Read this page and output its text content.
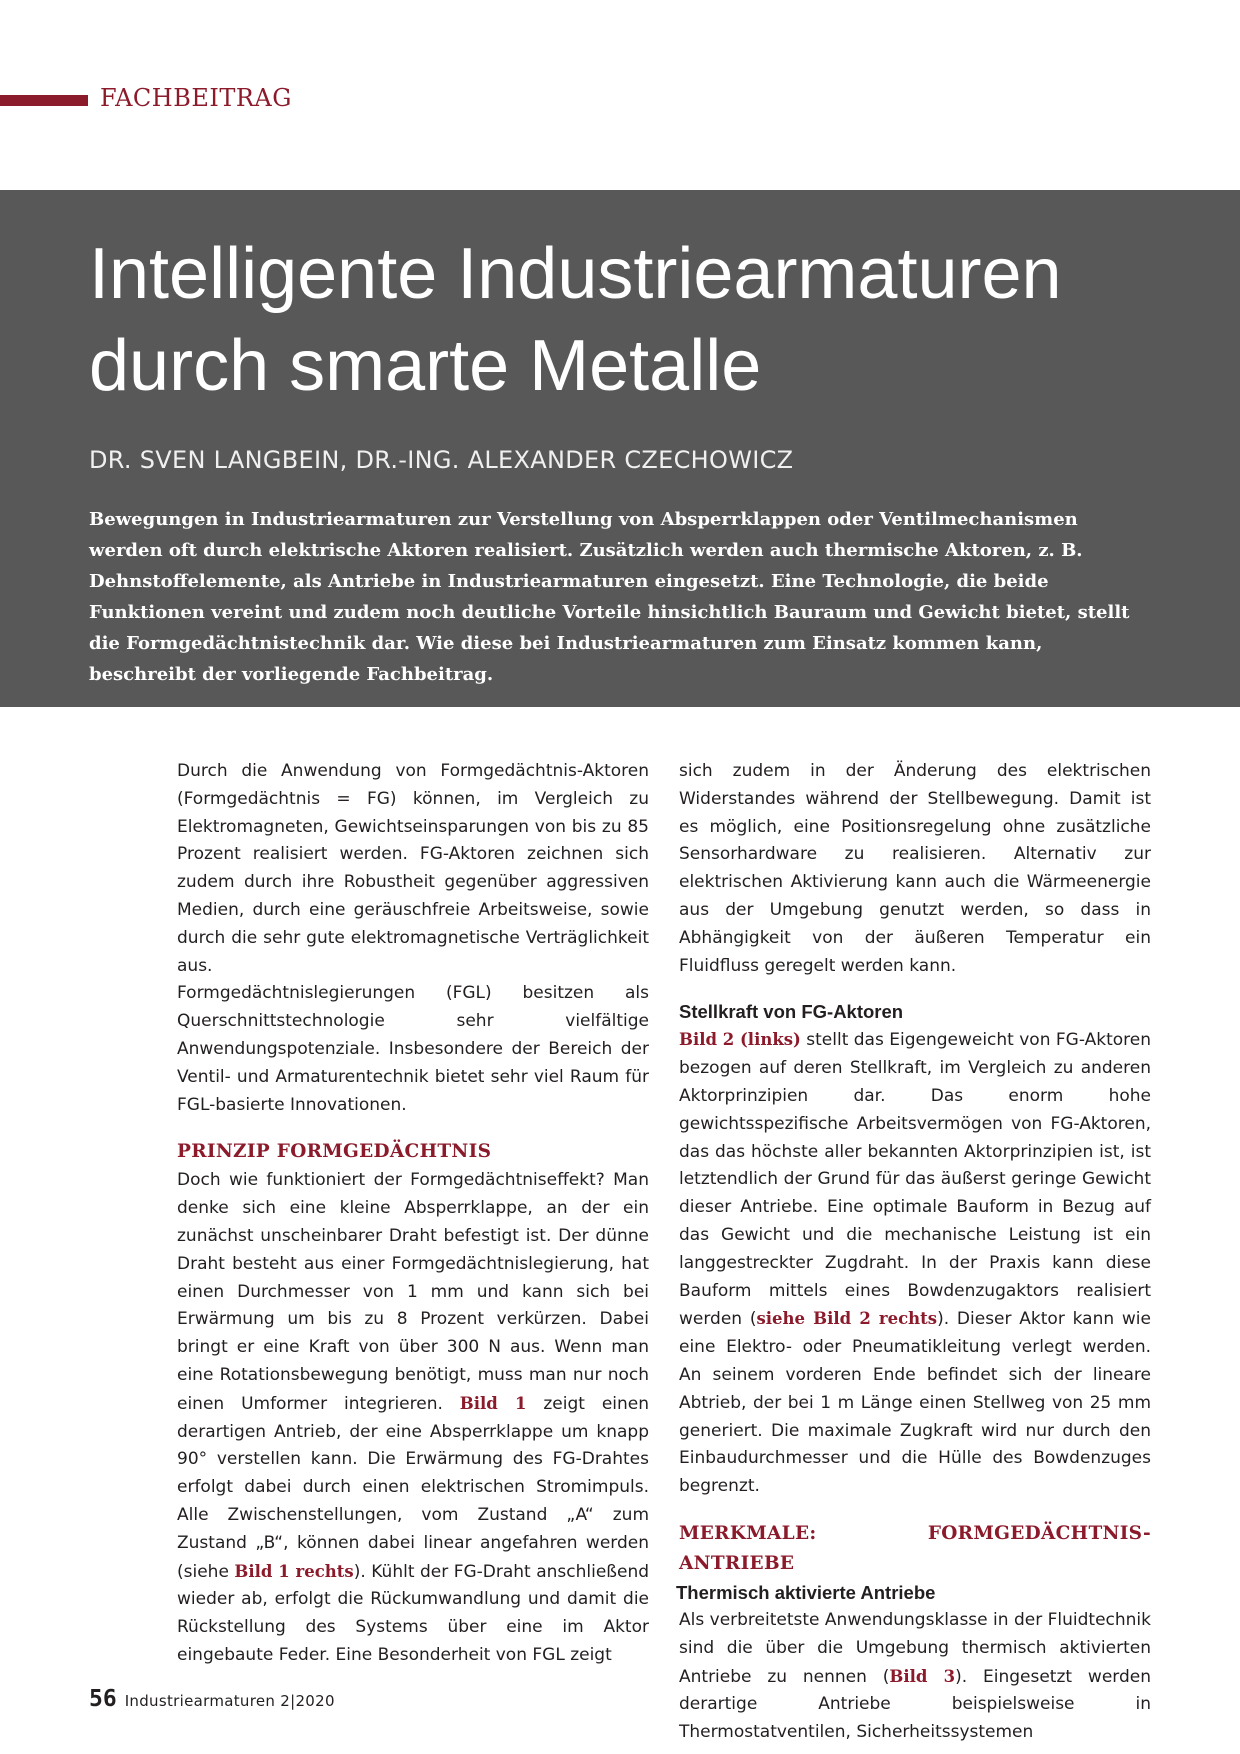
FACHBEITRAG
Intelligente Industriearmaturen
durch smarte Metalle
DR. SVEN LANGBEIN, DR.-ING. ALEXANDER CZECHOWICZ

Bewegungen in Industriearmaturen zur Verstellung von Absperrklappen oder Ventilmechanismen werden oft durch elektrische Aktoren realisiert. Zusätzlich werden auch thermische Aktoren, z. B. Dehnstoffelemente, als Antriebe in Industriearmaturen eingesetzt. Eine Technologie, die beide Funktionen vereint und zudem noch deutliche Vorteile hinsichtlich Bauraum und Gewicht bietet, stellt die Formgedächtnistechnik dar. Wie diese bei Industriearmaturen zum Einsatz kommen kann, beschreibt der vorliegende Fachbeitrag.

Durch die Anwendung von Formgedächtnis-Aktoren (Formgedächtnis = FG) können, im Vergleich zu Elektromagneten, Gewichtseinsparungen von bis zu 85 Prozent realisiert werden. FG-Aktoren zeichnen sich zudem durch ihre Robustheit gegenüber aggressiven Medien, durch eine geräuschfreie Arbeitsweise, sowie durch die sehr gute elektromagnetische Verträglichkeit aus.

Formgedächtnislegierungen (FGL) besitzen als Querschnittstechnologie sehr vielfältige Anwendungspotenziale. Insbesondere der Bereich der Ventil- und Armaturentechnik bietet sehr viel Raum für FGL-basierte Innovationen.

PRINZIP FORMGEDÄCHTNIS

Doch wie funktioniert der Formgedächtniseffekt? Man denke sich eine kleine Absperrklappe, an der ein zunächst unscheinbarer Draht befestigt ist. Der dünne Draht besteht aus einer Formgedächtnislegierung, hat einen Durchmesser von 1 mm und kann sich bei Erwärmung um bis zu 8 Prozent verkürzen. Dabei bringt er eine Kraft von über 300 N aus. Wenn man eine Rotationsbewegung benötigt, muss man nur noch einen Umformer integrieren. Bild 1 zeigt einen derartigen Antrieb, der eine Absperrklappe um knapp 90° verstellen kann. Die Erwärmung des FG-Drahtes erfolgt dabei durch einen elektrischen Stromimpuls. Alle Zwischenstellungen, vom Zustand „A“ zum Zustand „B“, können dabei linear angefahren werden (siehe Bild 1 rechts). Kühlt der FG-Draht anschließend wieder ab, erfolgt die Rückumwandlung und damit die Rückstellung des Systems über eine im Aktor eingebaute Feder. Eine Besonderheit von FGL zeigt

sich zudem in der Änderung des elektrischen Widerstandes während der Stellbewegung. Damit ist es möglich, eine Positionsregelung ohne zusätzliche Sensorhardware zu realisieren. Alternativ zur elektrischen Aktivierung kann auch die Wärmeenergie aus der Umgebung genutzt werden, so dass in Abhängigkeit von der äußeren Temperatur ein Fluidfluss geregelt werden kann.

Stellkraft von FG-Aktoren

Bild 2 (links) stellt das Eigengeweicht von FG-Aktoren bezogen auf deren Stellkraft, im Vergleich zu anderen Aktorprinzipien dar. Das enorm hohe gewichtsspezifische Arbeitsvermögen von FG-Aktoren, das das höchste aller bekannten Aktorprinzipien ist, ist letztendlich der Grund für das äußerst geringe Gewicht dieser Antriebe. Eine optimale Bauform in Bezug auf das Gewicht und die mechanische Leistung ist ein langgestreckter Zugdraht. In der Praxis kann diese Bauform mittels eines Bowdenzugaktors realisiert werden (siehe Bild 2 rechts). Dieser Aktor kann wie eine Elektro- oder Pneumatikleitung verlegt werden. An seinem vorderen Ende befindet sich der lineare Abtrieb, der bei 1 m Länge einen Stellweg von 25 mm generiert. Die maximale Zugkraft wird nur durch den Einbaudurchmesser und die Hülle des Bowdenzuges begrenzt.

MERKMALE: FORMGEDÄCHTNIS-ANTRIEBE
Thermisch aktivierte Antriebe

Als verbreitetste Anwendungsklasse in der Fluidtechnik sind die über die Umgebung thermisch aktivierten Antriebe zu nennen (Bild 3). Eingesetzt werden derartige Antriebe beispielsweise in Thermostatventilen, Sicherheitssystemen

56 Industriearmaturen 2|2020
